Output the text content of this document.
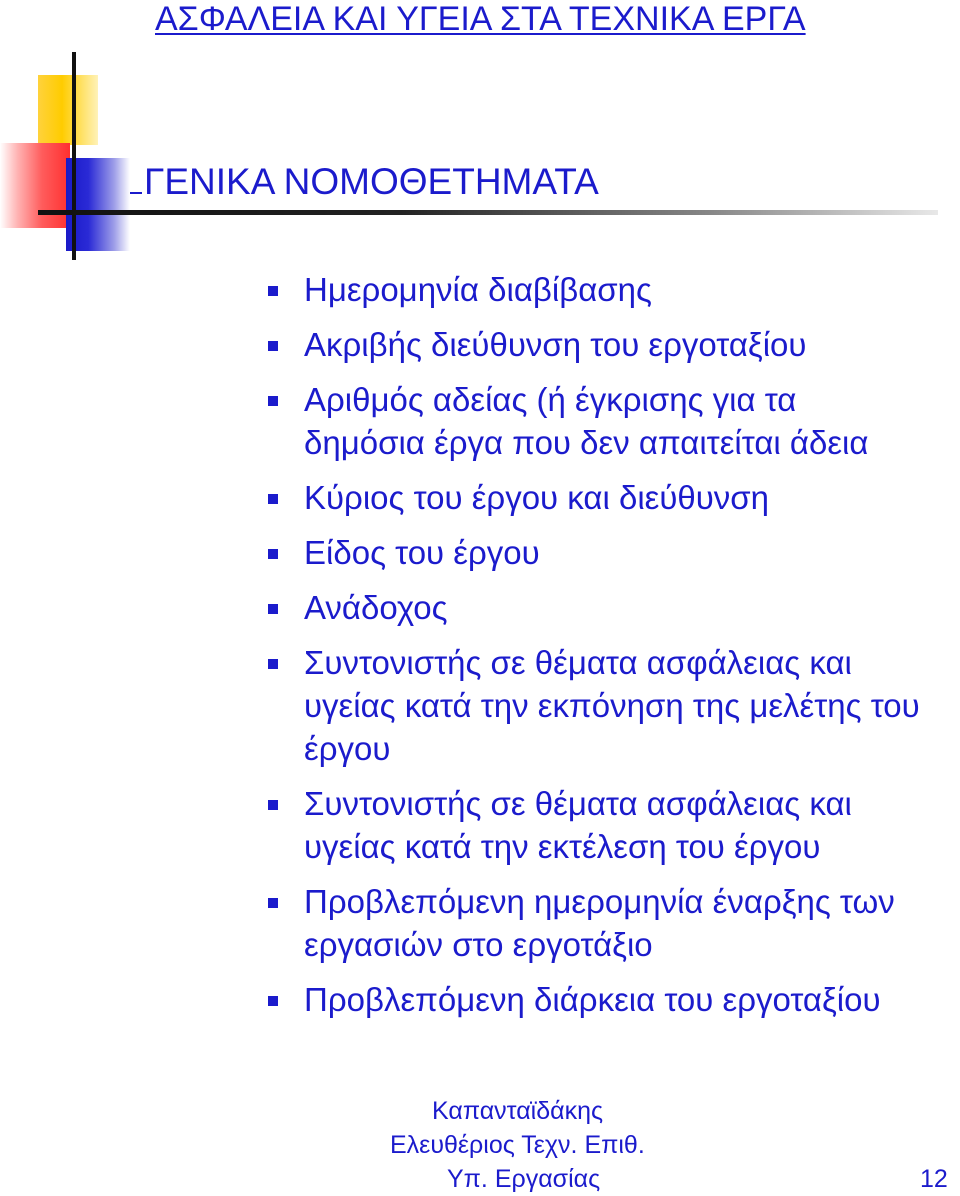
ΑΣΦΑΛΕΙΑ ΚΑΙ ΥΓΕΙΑ ΣΤΑ ΤΕΧΝΙΚΑ ΕΡΓΑ
ΓΕΝΙΚΑ ΝΟΜΟΘΕΤΗΜΑΤΑ
Ημερομηνία διαβίβασης
Ακριβής διεύθυνση του εργοταξίου
Αριθμός αδείας (ή έγκρισης για τα δημόσια έργα που δεν απαιτείται άδεια
Κύριος του έργου και διεύθυνση
Είδος του έργου
Ανάδοχος
Συντονιστής σε θέματα ασφάλειας και υγείας κατά την εκπόνηση της μελέτης του έργου
Συντονιστής σε θέματα ασφάλειας και υγείας κατά την εκτέλεση του έργου
Προβλεπόμενη ημερομηνία έναρξης των εργασιών στο εργοτάξιο
Προβλεπόμενη διάρκεια του εργοταξίου
Καπανταϊδάκης
Ελευθέριος Τεχν. Επιθ.
Υπ. Εργασίας	12
